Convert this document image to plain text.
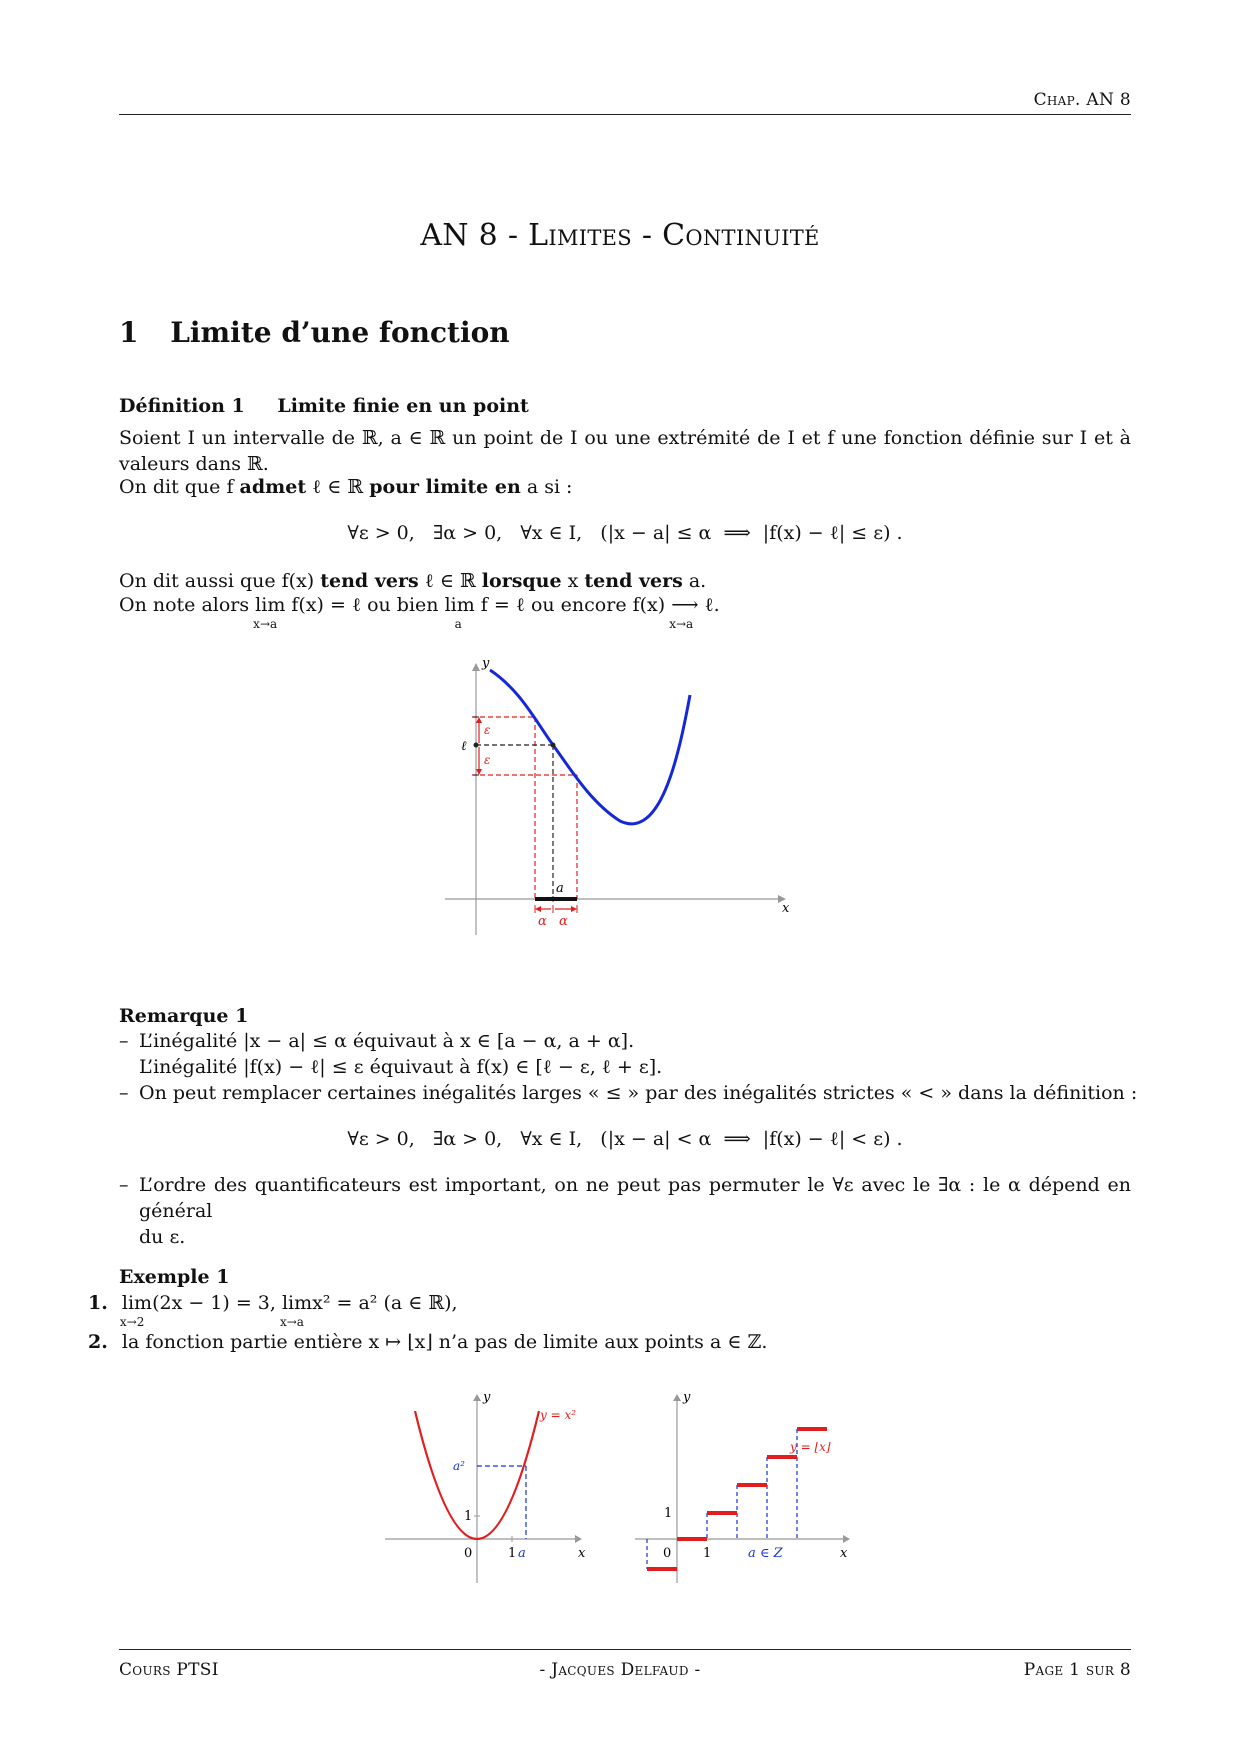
Chap. AN 8
AN 8 - Limites - Continuité
1 Limite d’une fonction
Définition 1 Limite finie en un point
Soient I un intervalle de ℝ, a ∈ ℝ un point de I ou une extrémité de I et f une fonction définie sur I et à
valeurs dans ℝ.
On dit que f admet ℓ ∈ ℝ pour limite en a si :
∀ε > 0,   ∃α > 0,   ∀x ∈ I,   (|x − a| ≤ α  ⟹  |f(x) − ℓ| ≤ ε) .
On dit aussi que f(x) tend vers ℓ ∈ ℝ lorsque x tend vers a.
On note alors lim
x→a
f(x) = ℓ ou bien lim
a
f = ℓ ou encore f(x) ⟶
x→a
ℓ.
x
y
ε
ε
ℓ
a
α α
Remarque 1
– L’inégalité |x − a| ≤ α équivaut à x ∈ [a − α, a + α].
L’inégalité |f(x) − ℓ| ≤ ε équivaut à f(x) ∈ [ℓ − ε, ℓ + ε].
– On peut remplacer certaines inégalités larges « ≤ » par des inégalités strictes « < » dans la définition :
∀ε > 0,   ∃α > 0,   ∀x ∈ I,   (|x − a| < α  ⟹  |f(x) − ℓ| < ε) .
– L’ordre des quantificateurs est important, on ne peut pas permuter le ∀ε avec le ∃α : le α dépend en général
du ε.
Exemple 1
1. lim
x→2
(2x − 1) = 3, lim
x→a
x² = a² (a ∈ ℝ),
2. la fonction partie entière x ↦ ⌊x⌋ n’a pas de limite aux points a ∈ ℤ.
x
y
y = x²
a²
1
0	1 a	x
y
y = ⌊x⌋
1
0 1	a ∈ Z
Cours PTSI	- Jacques Delfaud -	Page 1 sur 8
